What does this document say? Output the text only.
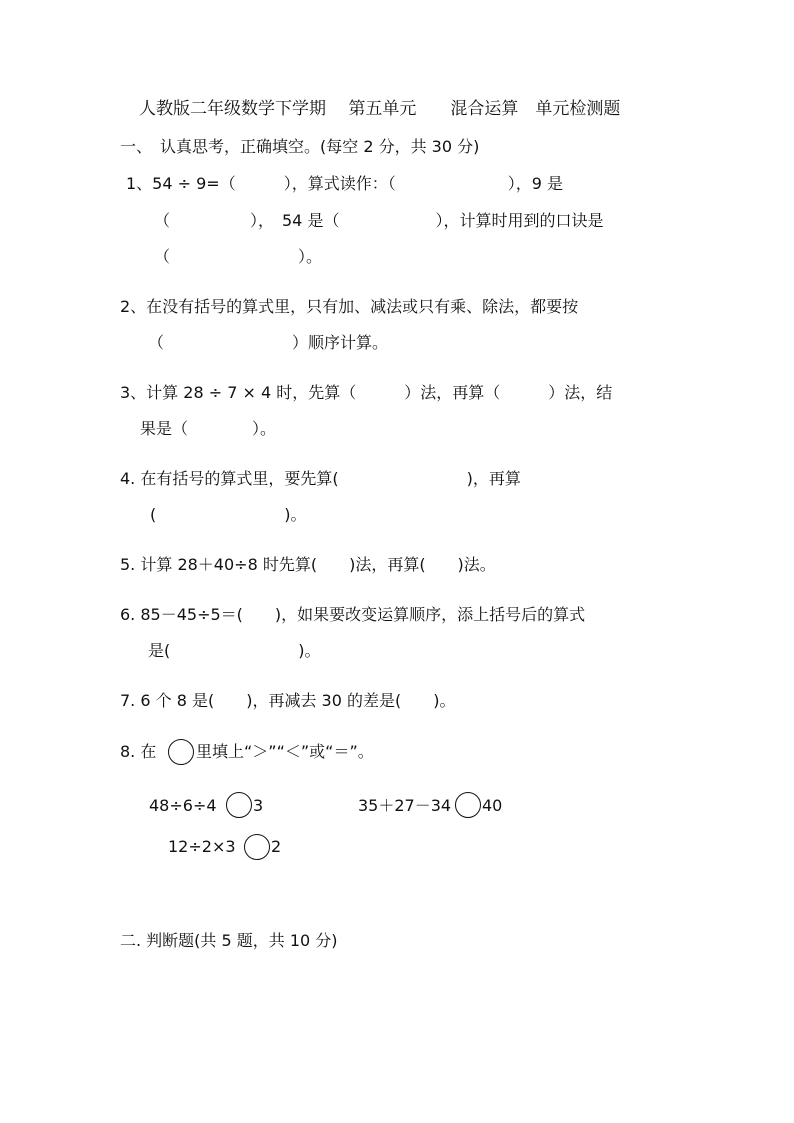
人教版二年级数学下学期　 第五单元　　混合运算　单元检测题
一、　认真思考，正确填空。(每空 2 分，共 30 分)
1、54 ÷ 9=（　　　），算式读作：（　　　　　　　），9 是
（　　　　　），　54 是（　　　　　　），计算时用到的口诀是
（　　　　　　　　）。
2、在没有括号的算式里，只有加、减法或只有乘、除法，都要按
（　　　　　　　　）顺序计算。
3、计算 28 ÷ 7 × 4 时，先算（　　　）法，再算（　　　）法，结
果是（　　　　）。
4. 在有括号的算式里，要先算(　　　　　　　　)，再算
(　　　　　　　　)。
5. 计算 28＋40÷8 时先算(　　)法，再算(　　)法。
6. 85－45÷5＝(　　)，如果要改变运算顺序，添上括号后的算式
是(　　　　　　　　)。
7. 6 个 8 是(　　)，再减去 30 的差是(　　)。
8. 在 里填上“＞”“＜”或“＝”。
48÷6÷4 3	35＋27－34 40
12÷2×3 2
二. 判断题(共 5 题，共 10 分)
